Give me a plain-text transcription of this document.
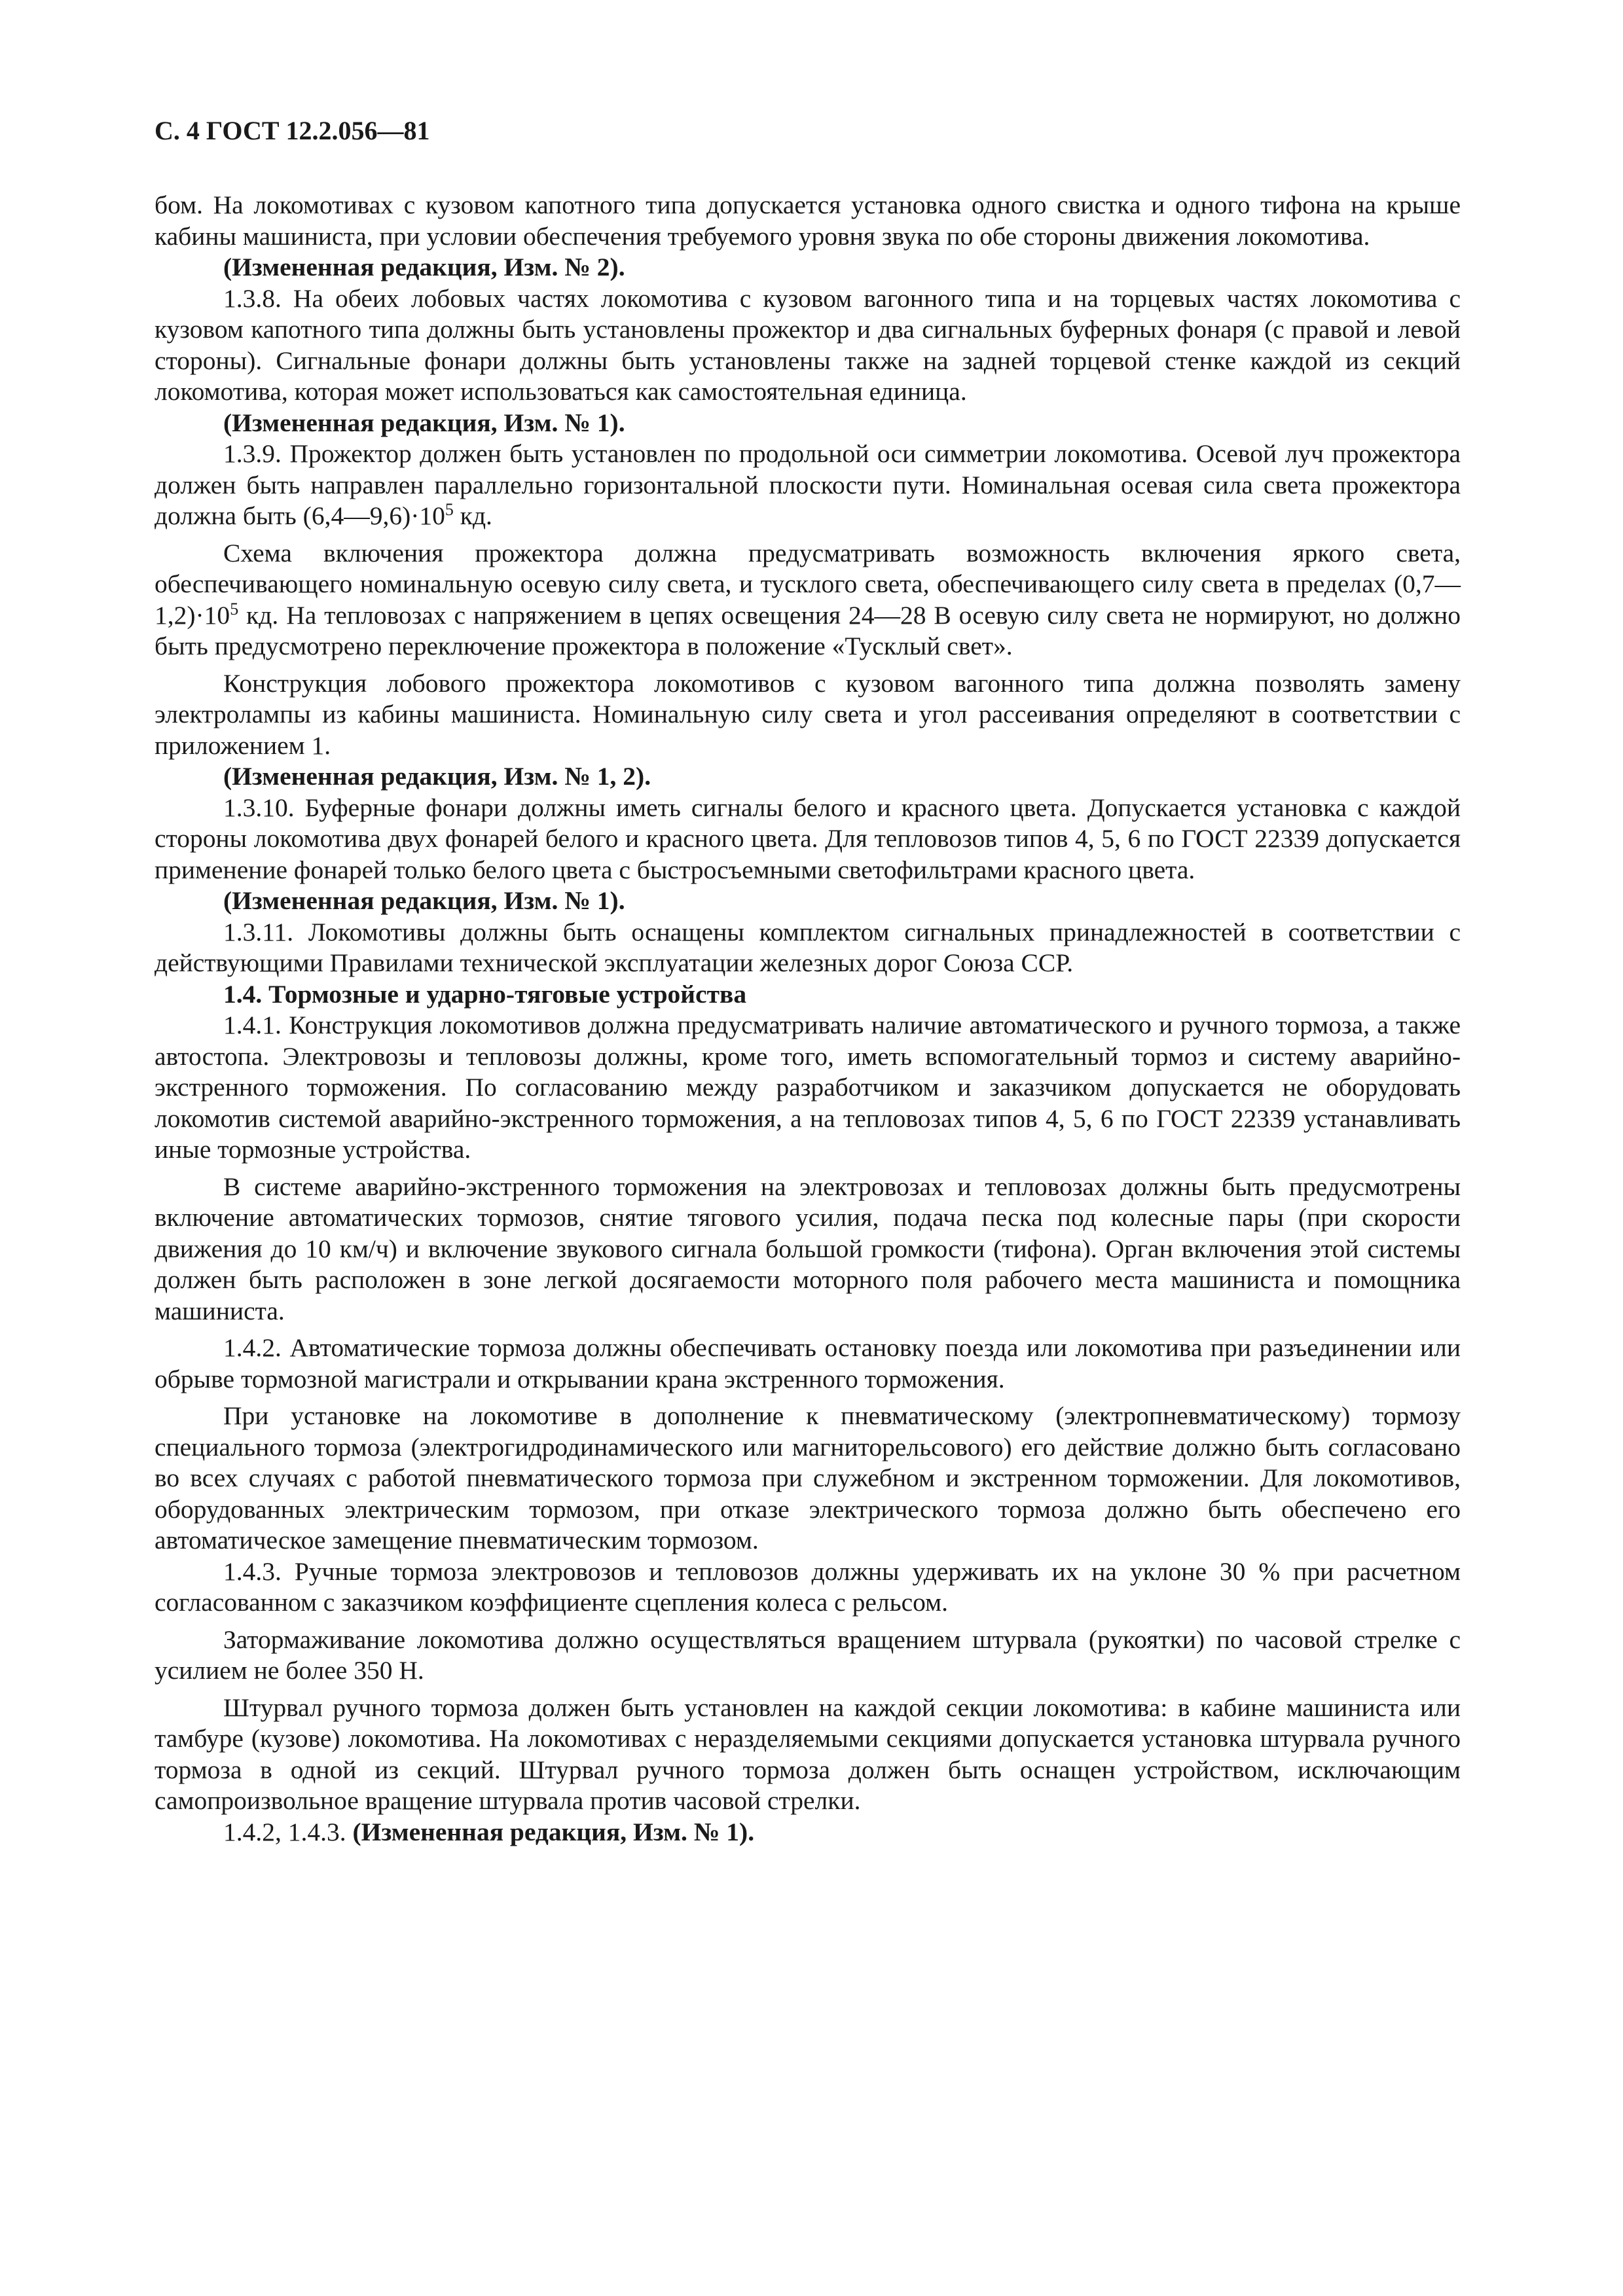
С. 4 ГОСТ 12.2.056—81

бом. На локомотивах с кузовом капотного типа допускается установка одного свистка и одного тифона на крыше кабины машиниста, при условии обеспечения требуемого уровня звука по обе стороны движения локомотива.

(Измененная редакция, Изм. № 2).

1.3.8. На обеих лобовых частях локомотива с кузовом вагонного типа и на торцевых частях локомотива с кузовом капотного типа должны быть установлены прожектор и два сигнальных буферных фонаря (с правой и левой стороны). Сигнальные фонари должны быть установлены также на задней торцевой стенке каждой из секций локомотива, которая может использоваться как самостоятельная единица.

(Измененная редакция, Изм. № 1).

1.3.9. Прожектор должен быть установлен по продольной оси симметрии локомотива. Осевой луч прожектора должен быть направлен параллельно горизонтальной плоскости пути. Номинальная осевая сила света прожектора должна быть $(6,4—9,6)\cdot 10^5$ кд.

Схема включения прожектора должна предусматривать возможность включения яркого света, обеспечивающего номинальную осевую силу света, и тусклого света, обеспечивающего силу света в пределах $(0,7—1,2)\cdot 10^5$ кд. На тепловозах с напряжением в цепях освещения 24—28 В осевую силу света не нормируют, но должно быть предусмотрено переключение прожектора в положение «Тусклый свет».

Конструкция лобового прожектора локомотивов с кузовом вагонного типа должна позволять замену электролампы из кабины машиниста. Номинальную силу света и угол рассеивания определяют в соответствии с приложением 1.

(Измененная редакция, Изм. № 1, 2).

1.3.10. Буферные фонари должны иметь сигналы белого и красного цвета. Допускается установка с каждой стороны локомотива двух фонарей белого и красного цвета. Для тепловозов типов 4, 5, 6 по ГОСТ 22339 допускается применение фонарей только белого цвета с быстросъемными светофильтрами красного цвета.

(Измененная редакция, Изм. № 1).

1.3.11. Локомотивы должны быть оснащены комплектом сигнальных принадлежностей в соответствии с действующими Правилами технической эксплуатации железных дорог Союза ССР.

1.4. Тормозные и ударно-тяговые устройства

1.4.1. Конструкция локомотивов должна предусматривать наличие автоматического и ручного тормоза, а также автостопа. Электровозы и тепловозы должны, кроме того, иметь вспомогательный тормоз и систему аварийно-экстренного торможения. По согласованию между разработчиком и заказчиком допускается не оборудовать локомотив системой аварийно-экстренного торможения, а на тепловозах типов 4, 5, 6 по ГОСТ 22339 устанавливать иные тормозные устройства.

В системе аварийно-экстренного торможения на электровозах и тепловозах должны быть предусмотрены включение автоматических тормозов, снятие тягового усилия, подача песка под колесные пары (при скорости движения до 10 км/ч) и включение звукового сигнала большой громкости (тифона). Орган включения этой системы должен быть расположен в зоне легкой досягаемости моторного поля рабочего места машиниста и помощника машиниста.

1.4.2. Автоматические тормоза должны обеспечивать остановку поезда или локомотива при разъединении или обрыве тормозной магистрали и открывании крана экстренного торможения.

При установке на локомотиве в дополнение к пневматическому (электропневматическому) тормозу специального тормоза (электрогидродинамического или магниторельсового) его действие должно быть согласовано во всех случаях с работой пневматического тормоза при служебном и экстренном торможении. Для локомотивов, оборудованных электрическим тормозом, при отказе электрического тормоза должно быть обеспечено его автоматическое замещение пневматическим тормозом.

1.4.3. Ручные тормоза электровозов и тепловозов должны удерживать их на уклоне 30 % при расчетном согласованном с заказчиком коэффициенте сцепления колеса с рельсом.

Затормаживание локомотива должно осуществляться вращением штурвала (рукоятки) по часовой стрелке с усилием не более 350 Н.

Штурвал ручного тормоза должен быть установлен на каждой секции локомотива: в кабине машиниста или тамбуре (кузове) локомотива. На локомотивах с неразделяемыми секциями допускается установка штурвала ручного тормоза в одной из секций. Штурвал ручного тормоза должен быть оснащен устройством, исключающим самопроизвольное вращение штурвала против часовой стрелки.

1.4.2, 1.4.3. (Измененная редакция, Изм. № 1).
